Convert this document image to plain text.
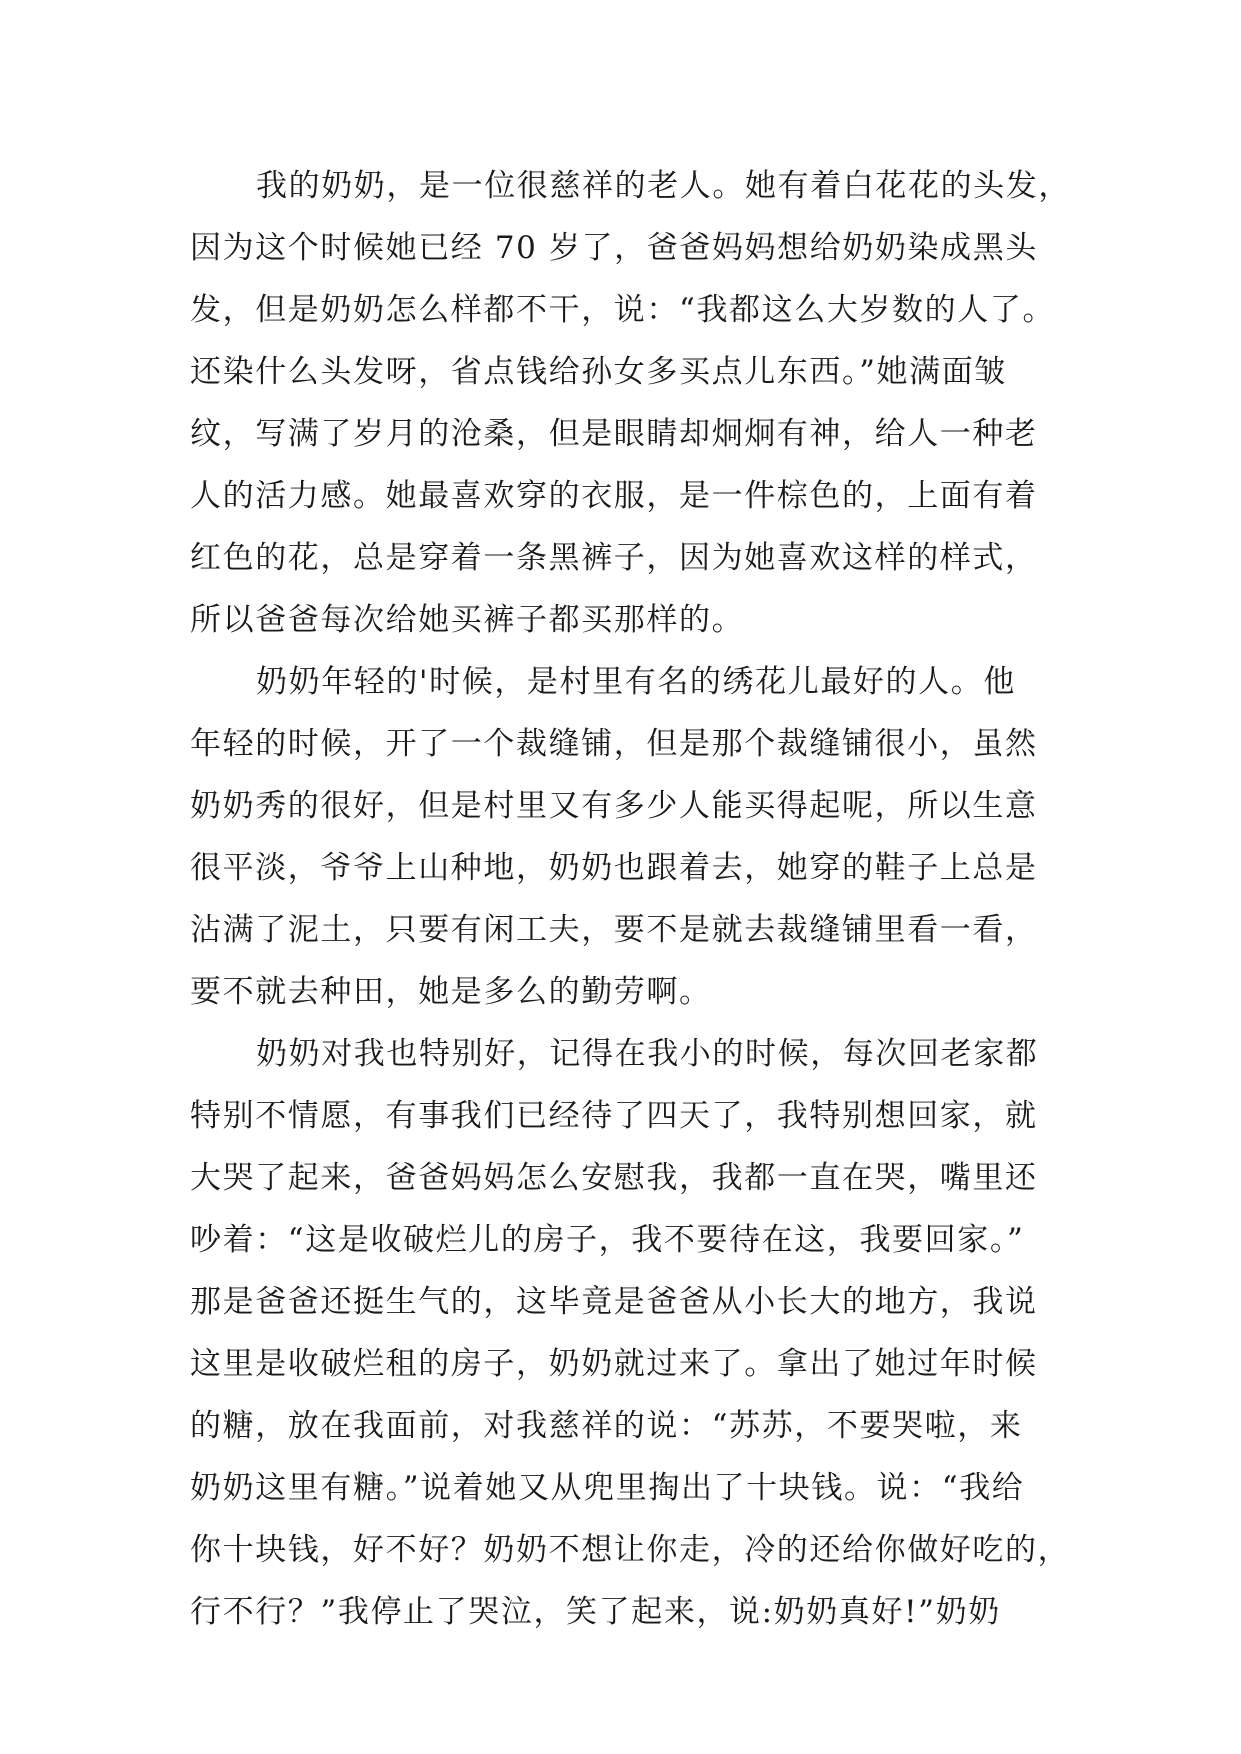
我的奶奶，是一位很慈祥的老人。她有着白花花的头发，
因为这个时候她已经 70 岁了，爸爸妈妈想给奶奶染成黑头
发，但是奶奶怎么样都不干，说：“我都这么大岁数的人了。
还染什么头发呀，省点钱给孙女多买点儿东西。”她满面皱
纹，写满了岁月的沧桑，但是眼睛却炯炯有神，给人一种老
人的活力感。她最喜欢穿的衣服，是一件棕色的，上面有着
红色的花，总是穿着一条黑裤子，因为她喜欢这样的样式，
所以爸爸每次给她买裤子都买那样的。
奶奶年轻的'时候，是村里有名的绣花儿最好的人。他
年轻的时候，开了一个裁缝铺，但是那个裁缝铺很小，虽然
奶奶秀的很好，但是村里又有多少人能买得起呢，所以生意
很平淡，爷爷上山种地，奶奶也跟着去，她穿的鞋子上总是
沾满了泥土，只要有闲工夫，要不是就去裁缝铺里看一看，
要不就去种田，她是多么的勤劳啊。
奶奶对我也特别好，记得在我小的时候，每次回老家都
特别不情愿，有事我们已经待了四天了，我特别想回家，就
大哭了起来，爸爸妈妈怎么安慰我，我都一直在哭，嘴里还
吵着：“这是收破烂儿的房子，我不要待在这，我要回家。”
那是爸爸还挺生气的，这毕竟是爸爸从小长大的地方，我说
这里是收破烂租的房子，奶奶就过来了。拿出了她过年时候
的糖，放在我面前，对我慈祥的说：“苏苏，不要哭啦，来
奶奶这里有糖。”说着她又从兜里掏出了十块钱。说：“我给
你十块钱，好不好？奶奶不想让你走，冷的还给你做好吃的，
行不行？”我停止了哭泣，笑了起来，说:奶奶真好!”奶奶
